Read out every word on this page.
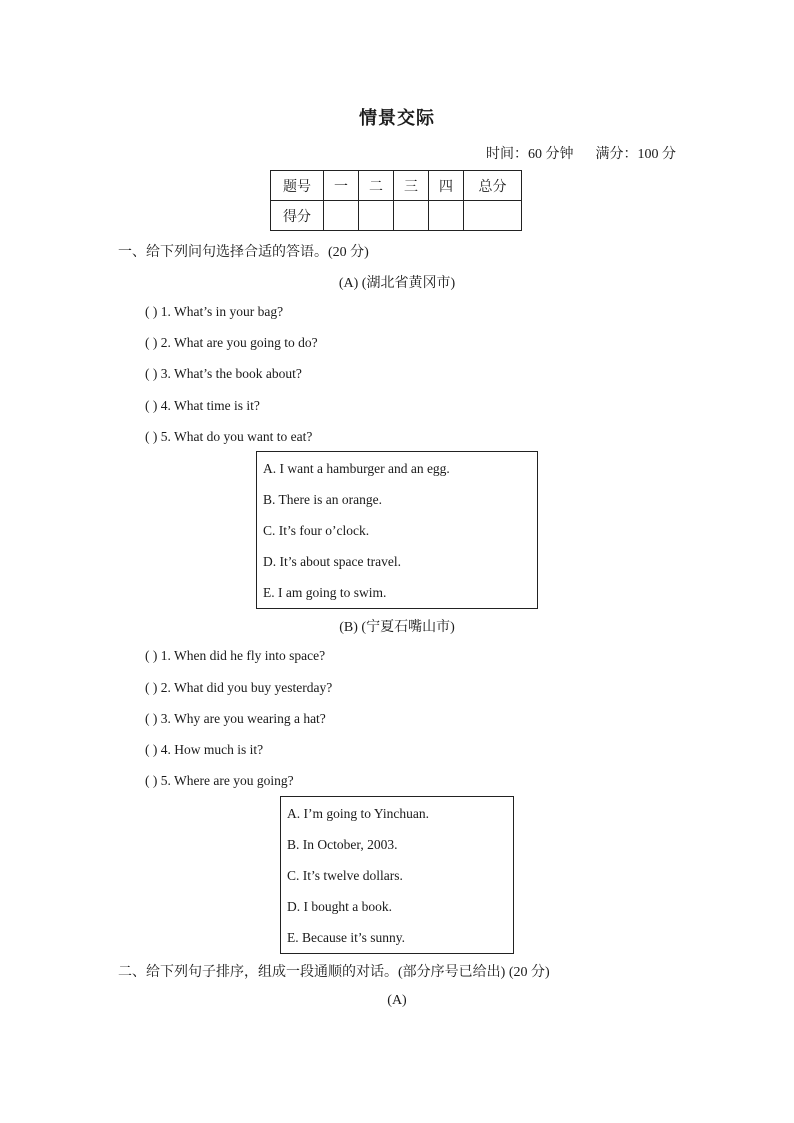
情景交际
时间：60 分钟 满分：100 分
题号	一	二	三	四	总分
得分					
一、给下列问句选择合适的答语。(20 分)
(A) (湖北省黄冈市)
( ) 1. What’s in your bag?
( ) 2. What are you going to do?
( ) 3. What’s the book about?
( ) 4. What time is it?
( ) 5. What do you want to eat?
A. I want a hamburger and an egg.
B. There is an orange.
C. It’s four o’clock.
D. It’s about space travel.
E. I am going to swim.
(B) (宁夏石嘴山市)
( ) 1. When did he fly into space?
( ) 2. What did you buy yesterday?
( ) 3. Why are you wearing a hat?
( ) 4. How much is it?
( ) 5. Where are you going?
A. I’m going to Yinchuan.
B. In October, 2003.
C. It’s twelve dollars.
D. I bought a book.
E. Because it’s sunny.
二、给下列句子排序，组成一段通顺的对话。(部分序号已给出) (20 分)
(A)
